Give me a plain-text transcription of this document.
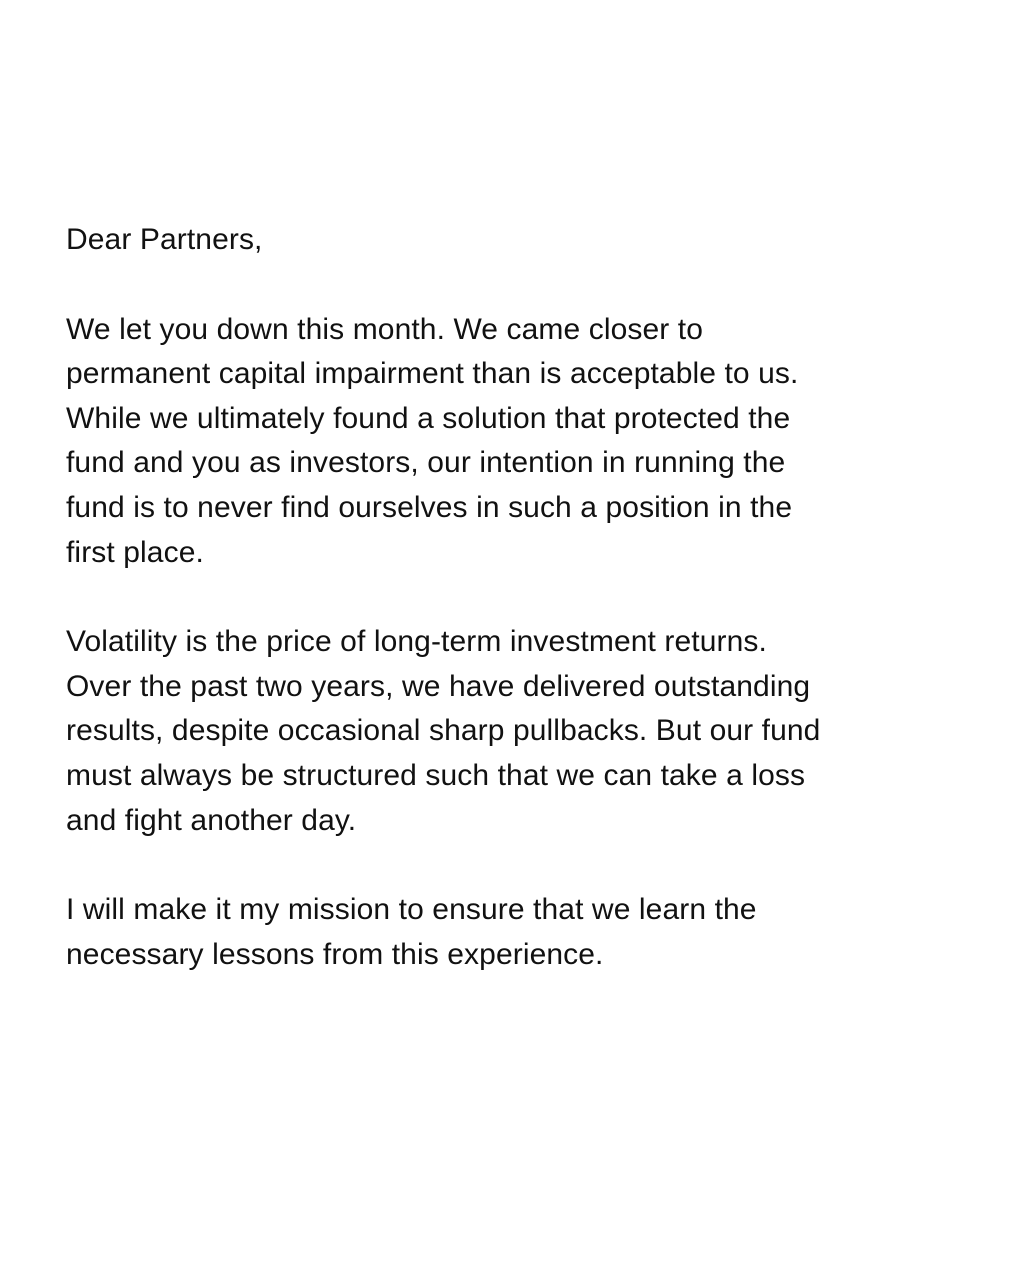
Dear Partners,

We let you down this month. We came closer to
permanent capital impairment than is acceptable to us.
While we ultimately found a solution that protected the
fund and you as investors, our intention in running the
fund is to never find ourselves in such a position in the
first place.

Volatility is the price of long-term investment returns.
Over the past two years, we have delivered outstanding
results, despite occasional sharp pullbacks. But our fund
must always be structured such that we can take a loss
and fight another day.

I will make it my mission to ensure that we learn the
necessary lessons from this experience.
